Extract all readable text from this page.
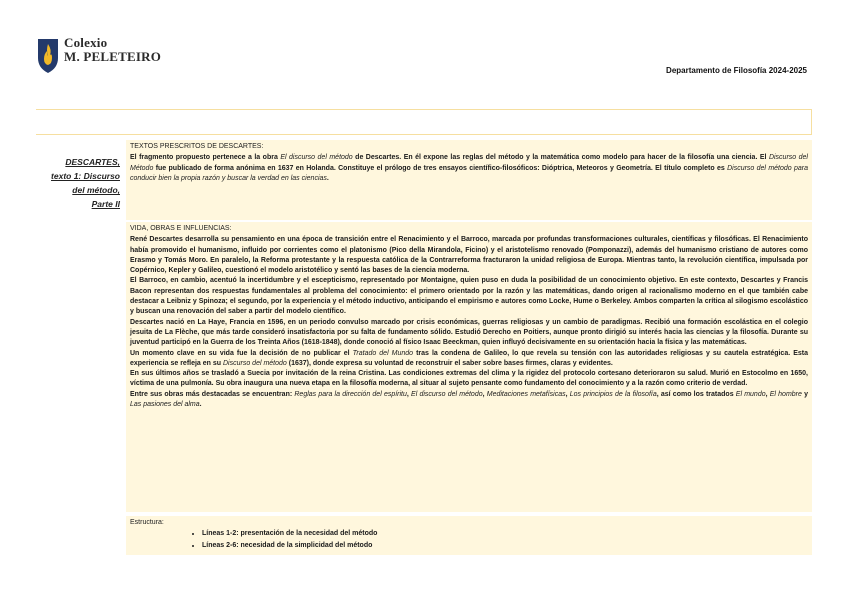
Colexio
M. PELETEIRO
Departamento de Filosofía 2024-2025
DESCARTES,
texto 1: Discurso
del método,
Parte II
TEXTOS PRESCRITOS DE DESCARTES:
El fragmento propuesto pertenece a la obra El discurso del método de Descartes. En él expone las reglas del método y la matemática como modelo para hacer de la filosofía una ciencia. El Discurso del Método fue publicado de forma anónima en 1637 en Holanda. Constituye el prólogo de tres ensayos científico-filosóficos: Dióptrica, Meteoros y Geometría. El título completo es Discurso del método para conducir bien la propia razón y buscar la verdad en las ciencias.
VIDA, OBRAS E INFLUENCIAS:
René Descartes desarrolla su pensamiento en una época de transición entre el Renacimiento y el Barroco, marcada por profundas transformaciones culturales, científicas y filosóficas. El Renacimiento había promovido el humanismo, influido por corrientes como el platonismo (Pico della Mirandola, Ficino) y el aristotelismo renovado (Pomponazzi), además del humanismo cristiano de autores como Erasmo y Tomás Moro. En paralelo, la Reforma protestante y la respuesta católica de la Contrarreforma fracturaron la unidad religiosa de Europa. Mientras tanto, la revolución científica, impulsada por Copérnico, Kepler y Galileo, cuestionó el modelo aristotélico y sentó las bases de la ciencia moderna.
El Barroco, en cambio, acentuó la incertidumbre y el escepticismo, representado por Montaigne, quien puso en duda la posibilidad de un conocimiento objetivo. En este contexto, Descartes y Francis Bacon representan dos respuestas fundamentales al problema del conocimiento: el primero orientado por la razón y las matemáticas, dando origen al racionalismo moderno en el que también cabe destacar a Leibniz y Spinoza; el segundo, por la experiencia y el método inductivo, anticipando el empirismo e autores como Locke, Hume o Berkeley. Ambos comparten la crítica al silogismo escolástico y buscan una renovación del saber a partir del modelo científico.
Descartes nació en La Haye, Francia en 1596, en un periodo convulso marcado por crisis económicas, guerras religiosas y un cambio de paradigmas. Recibió una formación escolástica en el colegio jesuita de La Flèche, que más tarde consideró insatisfactoria por su falta de fundamento sólido. Estudió Derecho en Poitiers, aunque pronto dirigió su interés hacia las ciencias y la filosofía. Durante su juventud participó en la Guerra de los Treinta Años (1618-1848), donde conoció al físico Isaac Beeckman, quien influyó decisivamente en su orientación hacia la física y las matemáticas.
Un momento clave en su vida fue la decisión de no publicar el Tratado del Mundo tras la condena de Galileo, lo que revela su tensión con las autoridades religiosas y su cautela estratégica. Esta experiencia se refleja en su Discurso del método (1637), donde expresa su voluntad de reconstruir el saber sobre bases firmes, claras y evidentes.
En sus últimos años se trasladó a Suecia por invitación de la reina Cristina. Las condiciones extremas del clima y la rigidez del protocolo cortesano deterioraron su salud. Murió en Estocolmo en 1650, víctima de una pulmonía. Su obra inaugura una nueva etapa en la filosofía moderna, al situar al sujeto pensante como fundamento del conocimiento y a la razón como criterio de verdad.
Entre sus obras más destacadas se encuentran: Reglas para la dirección del espíritu, El discurso del método, Meditaciones metafísicas, Los principios de la filosofía, así como los tratados El mundo, El hombre y Las pasiones del alma.
Estructura:
• Líneas 1-2: presentación de la necesidad del método
• Líneas 2-6: necesidad de la simplicidad del método
